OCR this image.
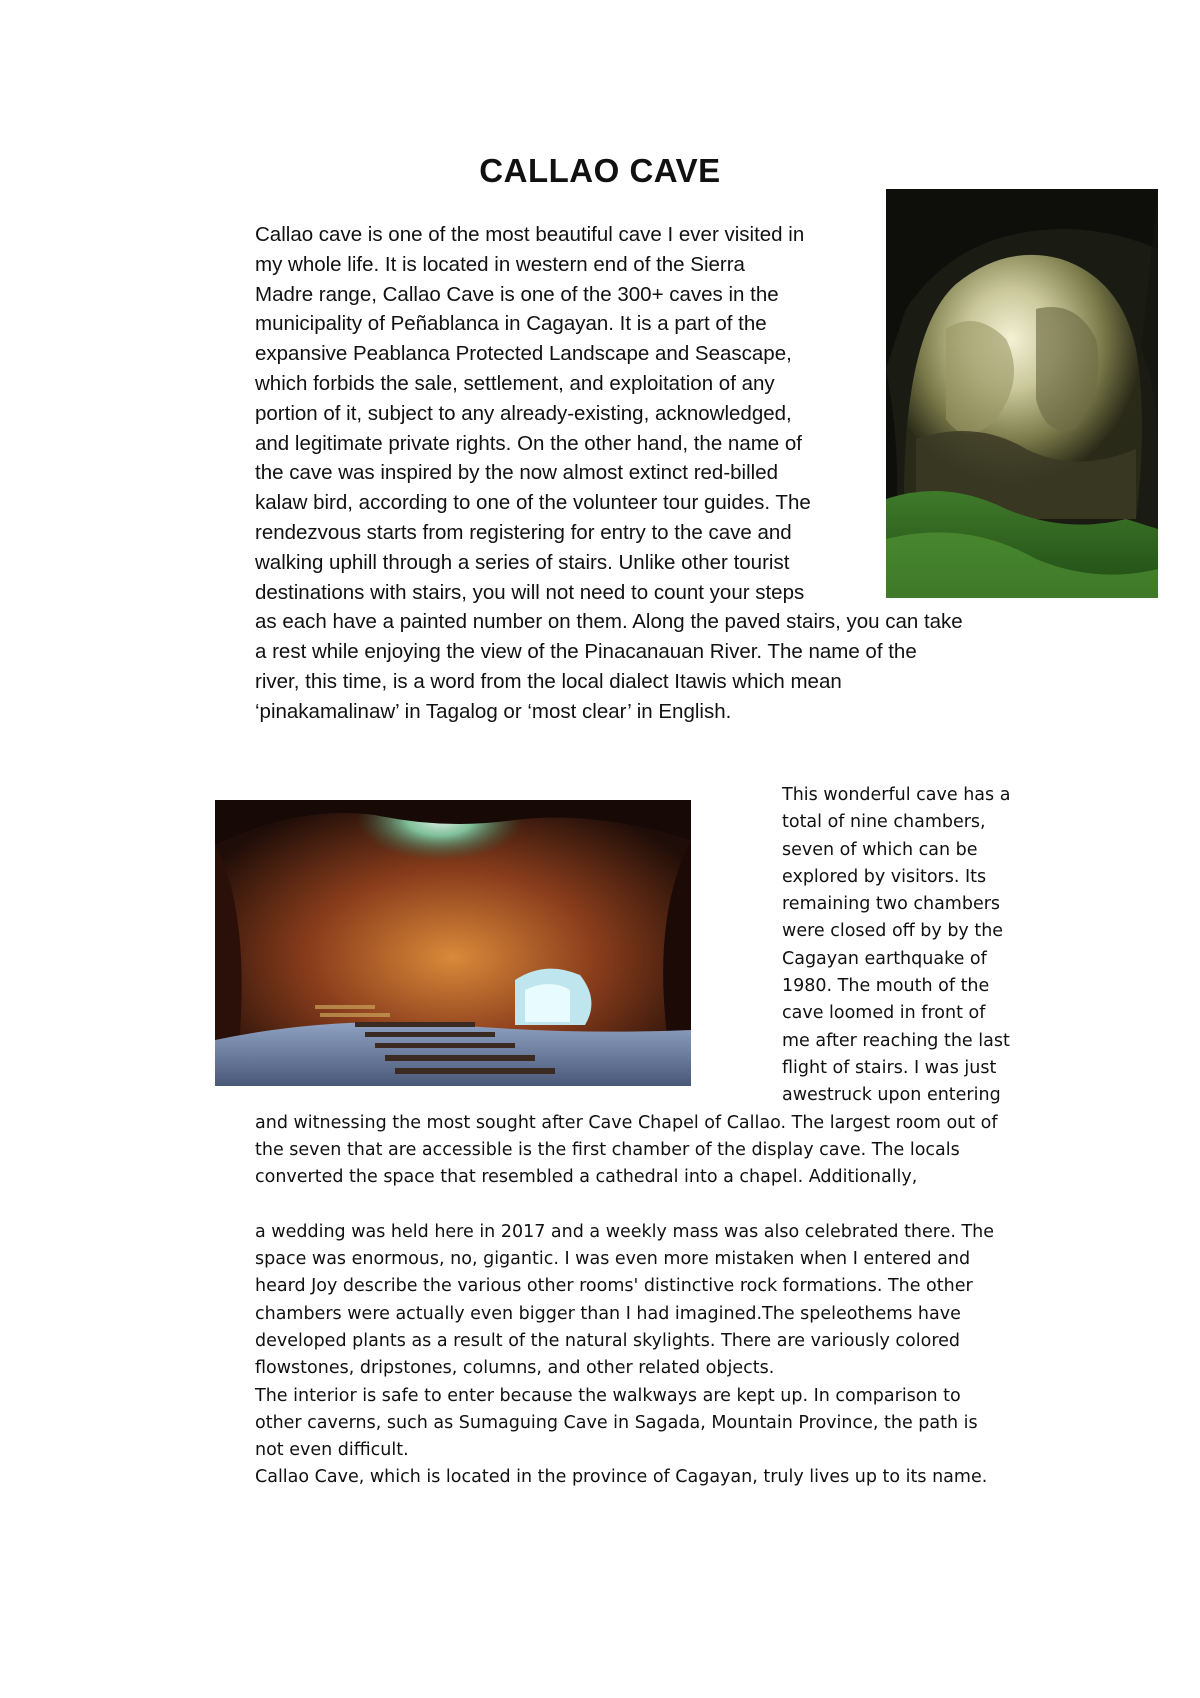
CALLAO CAVE

Callao cave is one of the most beautiful cave I ever visited in
my whole life. It is located in western end of the Sierra
Madre range, Callao Cave is one of the 300+ caves in the
municipality of Peñablanca in Cagayan. It is a part of the
expansive Peablanca Protected Landscape and Seascape,
which forbids the sale, settlement, and exploitation of any
portion of it, subject to any already-existing, acknowledged,
and legitimate private rights. On the other hand, the name of
the cave was inspired by the now almost extinct red-billed
kalaw bird, according to one of the volunteer tour guides. The
rendezvous starts from registering for entry to the cave and
walking uphill through a series of stairs. Unlike other tourist
destinations with stairs, you will not need to count your steps
as each have a painted number on them. Along the paved stairs, you can take
a rest while enjoying the view of the Pinacanauan River. The name of the
river, this time, is a word from the local dialect Itawis which mean
‘pinakamalinaw’ in Tagalog or ‘most clear’ in English.

This wonderful cave has a
total of nine chambers,
seven of which can be
explored by visitors. Its
remaining two chambers
were closed off by by the
Cagayan earthquake of
1980. The mouth of the
cave loomed in front of
me after reaching the last
flight of stairs. I was just
awestruck upon entering
and witnessing the most sought after Cave Chapel of Callao. The largest room out of
the seven that are accessible is the first chamber of the display cave. The locals
converted the space that resembled a cathedral into a chapel. Additionally,
a wedding was held here in 2017 and a weekly mass was also celebrated there. The
space was enormous, no, gigantic. I was even more mistaken when I entered and
heard Joy describe the various other rooms' distinctive rock formations. The other
chambers were actually even bigger than I had imagined.The speleothems have
developed plants as a result of the natural skylights. There are variously colored
flowstones, dripstones, columns, and other related objects.
The interior is safe to enter because the walkways are kept up. In comparison to
other caverns, such as Sumaguing Cave in Sagada, Mountain Province, the path is
not even difficult.
Callao Cave, which is located in the province of Cagayan, truly lives up to its name.
